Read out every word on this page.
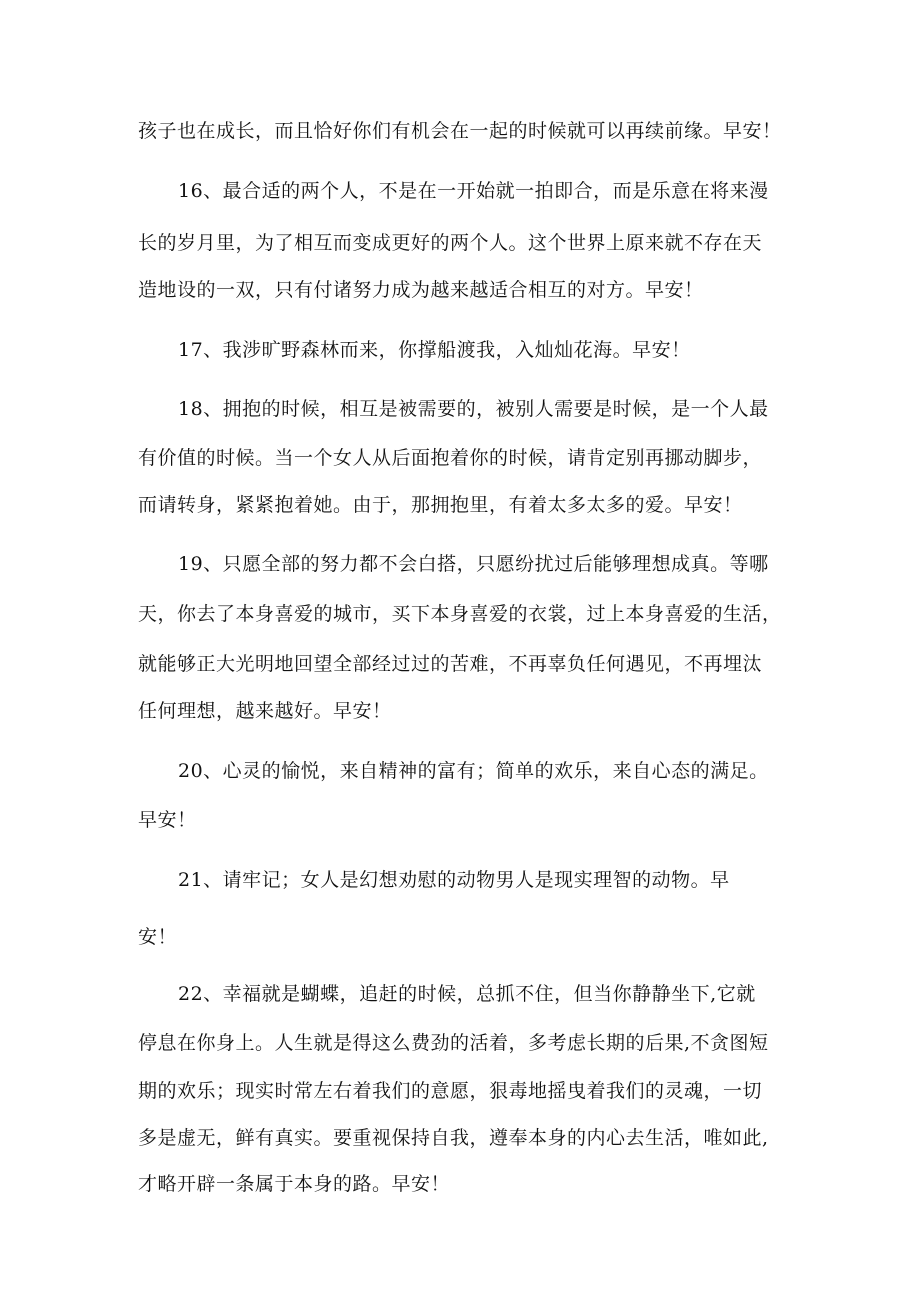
孩子也在成长，而且恰好你们有机会在一起的时候就可以再续前缘。早安！
16、最合适的两个人，不是在一开始就一拍即合，而是乐意在将来漫
长的岁月里，为了相互而变成更好的两个人。这个世界上原来就不存在天
造地设的一双，只有付诸努力成为越来越适合相互的对方。早安！
17、我涉旷野森林而来，你撑船渡我，入灿灿花海。早安！
18、拥抱的时候，相互是被需要的，被别人需要是时候，是一个人最
有价值的时候。当一个女人从后面抱着你的时候，请肯定别再挪动脚步，
而请转身，紧紧抱着她。由于，那拥抱里，有着太多太多的爱。早安！
19、只愿全部的努力都不会白搭，只愿纷扰过后能够理想成真。等哪
天，你去了本身喜爱的城市，买下本身喜爱的衣裳，过上本身喜爱的生活，
就能够正大光明地回望全部经过过的苦难，不再辜负任何遇见，不再埋汰
任何理想，越来越好。早安！
20、心灵的愉悦，来自精神的富有；简单的欢乐，来自心态的满足。
早安！
21、请牢记；女人是幻想劝慰的动物男人是现实理智的动物。早
安！
22、幸福就是蝴蝶，追赶的时候，总抓不住，但当你静静坐下,它就
停息在你身上。人生就是得这么费劲的活着，多考虑长期的后果,不贪图短
期的欢乐；现实时常左右着我们的意愿，狠毒地摇曳着我们的灵魂，一切
多是虚无，鲜有真实。要重视保持自我，遵奉本身的内心去生活，唯如此,
才略开辟一条属于本身的路。早安！
